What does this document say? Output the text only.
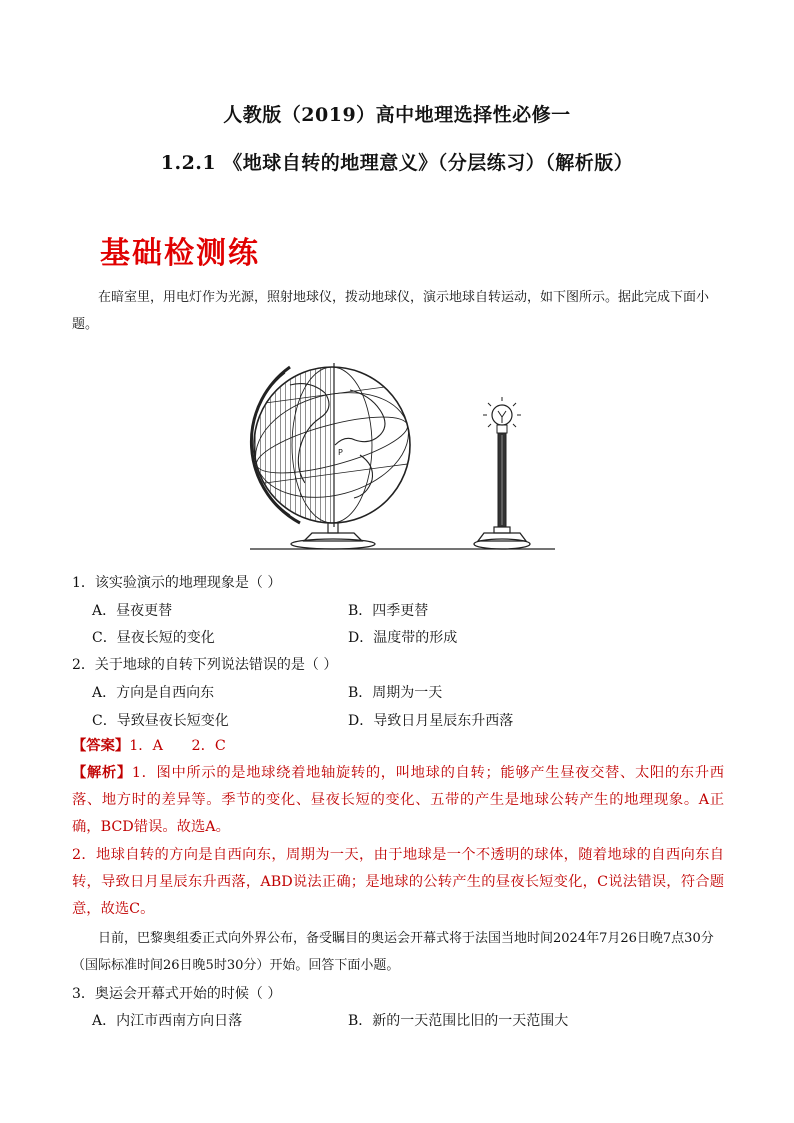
人教版（2019）高中地理选择性必修一
1.2.1 《地球自转的地理意义》（分层练习）（解析版）
基础检测练
在暗室里，用电灯作为光源，照射地球仪，拨动地球仪，演示地球自转运动，如下图所示。据此完成下面小题。
P
1．该实验演示的地理现象是（ ）
A．昼夜更替	B．四季更替
C．昼夜长短的变化	D．温度带的形成
2．关于地球的自转下列说法错误的是（ ）
A．方向是自西向东	B．周期为一天
C．导致昼夜长短变化	D．导致日月星辰东升西落
【答案】1．A　　2．C
【解析】1．图中所示的是地球绕着地轴旋转的，叫地球的自转；能够产生昼夜交替、太阳的东升西落、地方时的差异等。季节的变化、昼夜长短的变化、五带的产生是地球公转产生的地理现象。A正确，BCD错误。故选A。
2．地球自转的方向是自西向东，周期为一天，由于地球是一个不透明的球体，随着地球的自西向东自转，导致日月星辰东升西落，ABD说法正确；是地球的公转产生的昼夜长短变化，C说法错误，符合题意，故选C。
日前，巴黎奥组委正式向外界公布，备受瞩目的奥运会开幕式将于法国当地时间2024年7月26日晚7点30分（国际标准时间26日晚5时30分）开始。回答下面小题。
3．奥运会开幕式开始的时候（ ）
A．内江市西南方向日落	B．新的一天范围比旧的一天范围大
